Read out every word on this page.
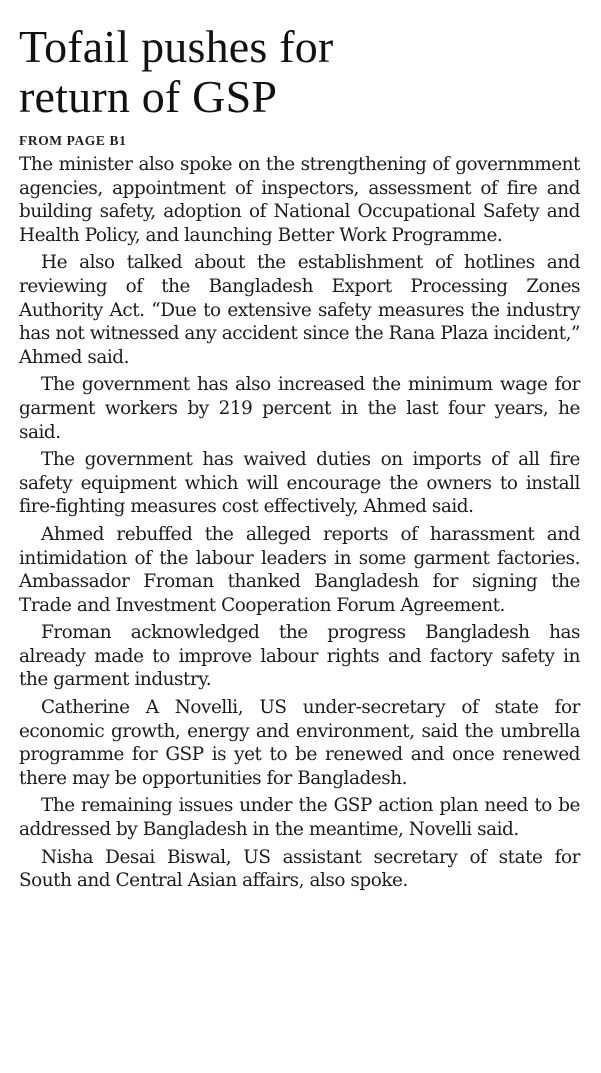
Tofail pushes for
return of GSP
FROM PAGE B1

The minister also spoke on the strengthening of governmment agencies, appointment of inspectors, assessment of fire and building safety, adoption of National Occupational Safety and Health Policy, and launching Better Work Programme.

He also talked about the establishment of hotlines and reviewing of the Bangladesh Export Processing Zones Authority Act. “Due to extensive safety measures the industry has not witnessed any accident since the Rana Plaza incident,” Ahmed said.

The government has also increased the minimum wage for garment workers by 219 percent in the last four years, he said.

The government has waived duties on imports of all fire safety equipment which will encourage the owners to install fire-fighting measures cost effectively, Ahmed said.

Ahmed rebuffed the alleged reports of harassment and intimidation of the labour leaders in some garment factories. Ambassador Froman thanked Bangladesh for signing the Trade and Investment Cooperation Forum Agreement.

Froman acknowledged the progress Bangladesh has already made to improve labour rights and factory safety in the garment industry.

Catherine A Novelli, US under-secretary of state for economic growth, energy and environment, said the umbrella programme for GSP is yet to be renewed and once renewed there may be opportunities for Bangladesh.

The remaining issues under the GSP action plan need to be addressed by Bangladesh in the meantime, Novelli said.

Nisha Desai Biswal, US assistant secretary of state for South and Central Asian affairs, also spoke.
